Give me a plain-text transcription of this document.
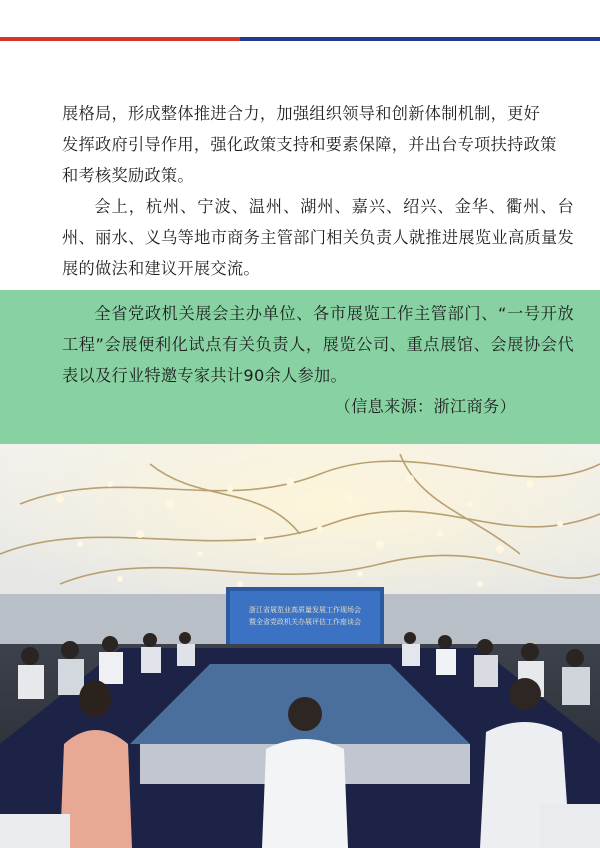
展格局，形成整体推进合力，加强组织领导和创新体制机制，更好

发挥政府引导作用，强化政策支持和要素保障，并出台专项扶持政策

和考核奖励政策。

会上，杭州、宁波、温州、湖州、嘉兴、绍兴、金华、衢州、台州、丽水、义乌等地市商务主管部门相关负责人就推进展览业高质量发展的做法和建议开展交流。

全省党政机关展会主办单位、各市展览工作主管部门、“一号开放工程”会展便利化试点有关负责人，展览公司、重点展馆、会展协会代表以及行业特邀专家共计90余人参加。

（信息来源：浙江商务）

浙江省展览业高质量发展工作现场会
暨全省党政机关办展评估工作座谈会
